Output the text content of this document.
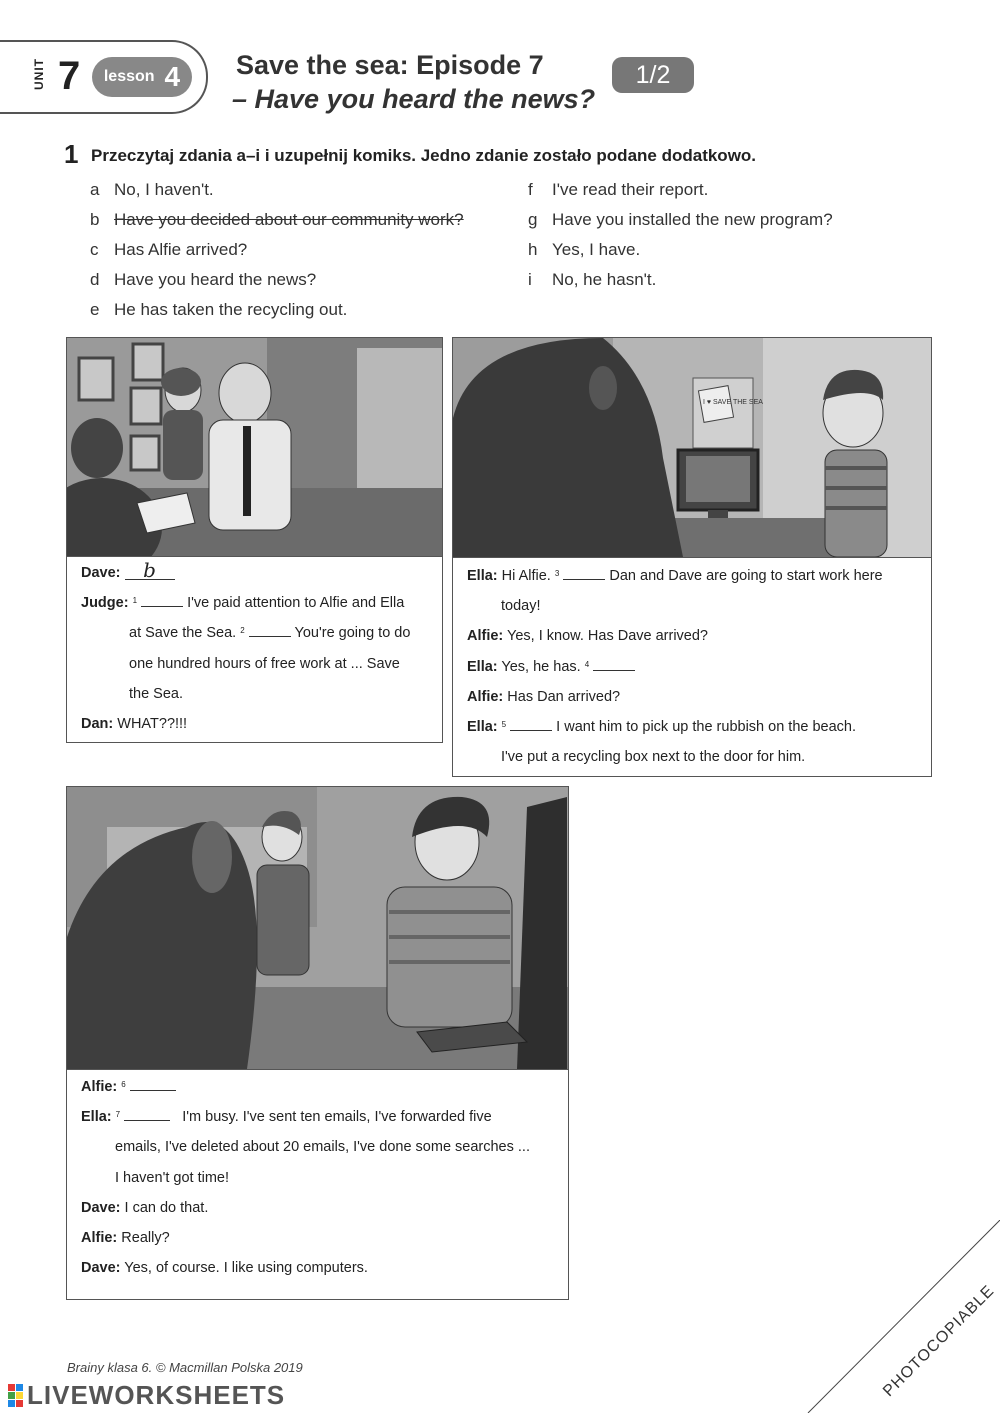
UNIT 7 lesson 4 Save the sea: Episode 7
– Have you heard the news?
1/2
1 Przeczytaj zdania a–i i uzupełnij komiks. Jedno zdanie zostało podane dodatkowo.
a No, I haven't.
b Have you decided about our community work?
c Has Alfie arrived?
d Have you heard the news?
e He has taken the recycling out.
f I've read their report.
g Have you installed the new program?
h Yes, I have.
i No, he hasn't.
Dave: b
Judge: $^1$	I've paid attention to Alfie and Ella
at Save the Sea. $^2$	You're going to do
one hundred hours of free work at ... Save
the Sea.
Dan: WHAT??!!!
I ♥ SAVE THE SEA
Ella: Hi Alfie. $^3$	Dan and Dave are going to start work here
today!
Alfie: Yes, I know. Has Dave arrived?
Ella: Yes, he has. $^4$
Alfie: Has Dan arrived?
Ella: $^5$	I want him to pick up the rubbish on the beach.
I've put a recycling box next to the door for him.
Alfie: $^6$
Ella: $^7$	I'm busy. I've sent ten emails, I've forwarded five
emails, I've deleted about 20 emails, I've done some searches ...
I haven't got time!
Dave: I can do that.
Alfie: Really?
Dave: Yes, of course. I like using computers.
PHOTOCOPIABLE
Brainy klasa 6. © Macmillan Polska 2019
LIVEWORKSHEETS
